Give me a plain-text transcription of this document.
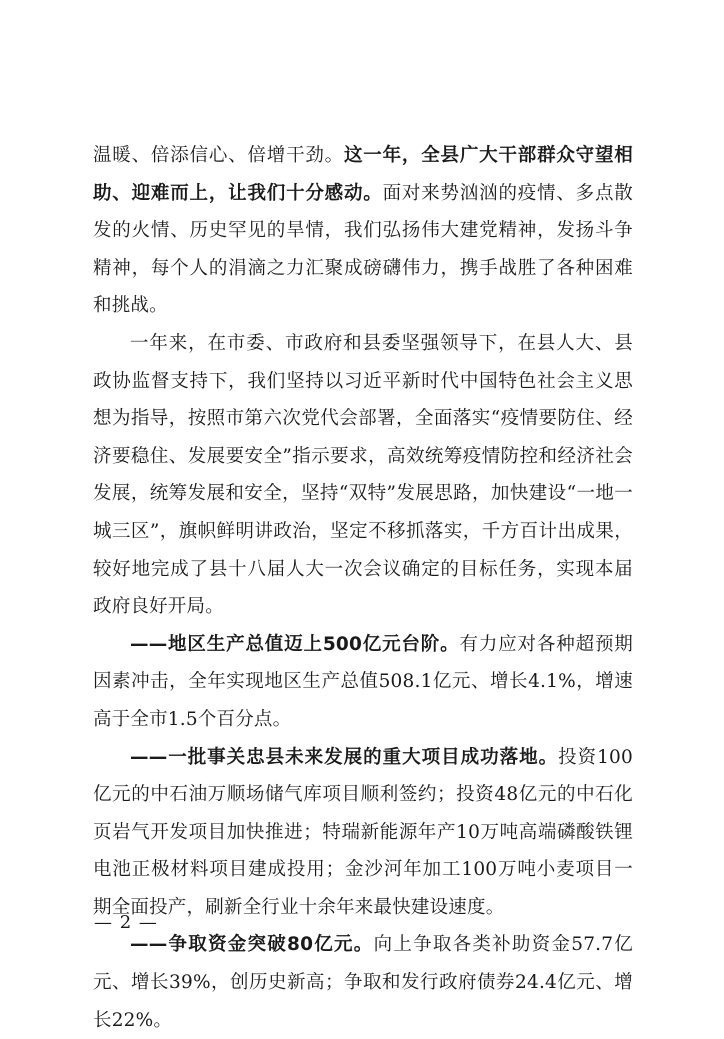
温暖、倍添信心、倍增干劲。这一年，全县广大干部群众守望相助、迎难而上，让我们十分感动。面对来势汹汹的疫情、多点散发的火情、历史罕见的旱情，我们弘扬伟大建党精神，发扬斗争精神，每个人的涓滴之力汇聚成磅礴伟力，携手战胜了各种困难和挑战。

一年来，在市委、市政府和县委坚强领导下，在县人大、县政协监督支持下，我们坚持以习近平新时代中国特色社会主义思想为指导，按照市第六次党代会部署，全面落实“疫情要防住、经济要稳住、发展要安全”指示要求，高效统筹疫情防控和经济社会发展，统筹发展和安全，坚持“双特”发展思路，加快建设“一地一城三区”，旗帜鲜明讲政治，坚定不移抓落实，千方百计出成果，较好地完成了县十八届人大一次会议确定的目标任务，实现本届政府良好开局。

——地区生产总值迈上500亿元台阶。有力应对各种超预期因素冲击，全年实现地区生产总值508.1亿元、增长4.1%，增速高于全市1.5个百分点。

——一批事关忠县未来发展的重大项目成功落地。投资100亿元的中石油万顺场储气库项目顺利签约；投资48亿元的中石化页岩气开发项目加快推进；特瑞新能源年产10万吨高端磷酸铁锂电池正极材料项目建成投用；金沙河年加工100万吨小麦项目一期全面投产，刷新全行业十余年来最快建设速度。

——争取资金突破80亿元。向上争取各类补助资金57.7亿元、增长39%，创历史新高；争取和发行政府债券24.4亿元、增长22%。

— 2 —
